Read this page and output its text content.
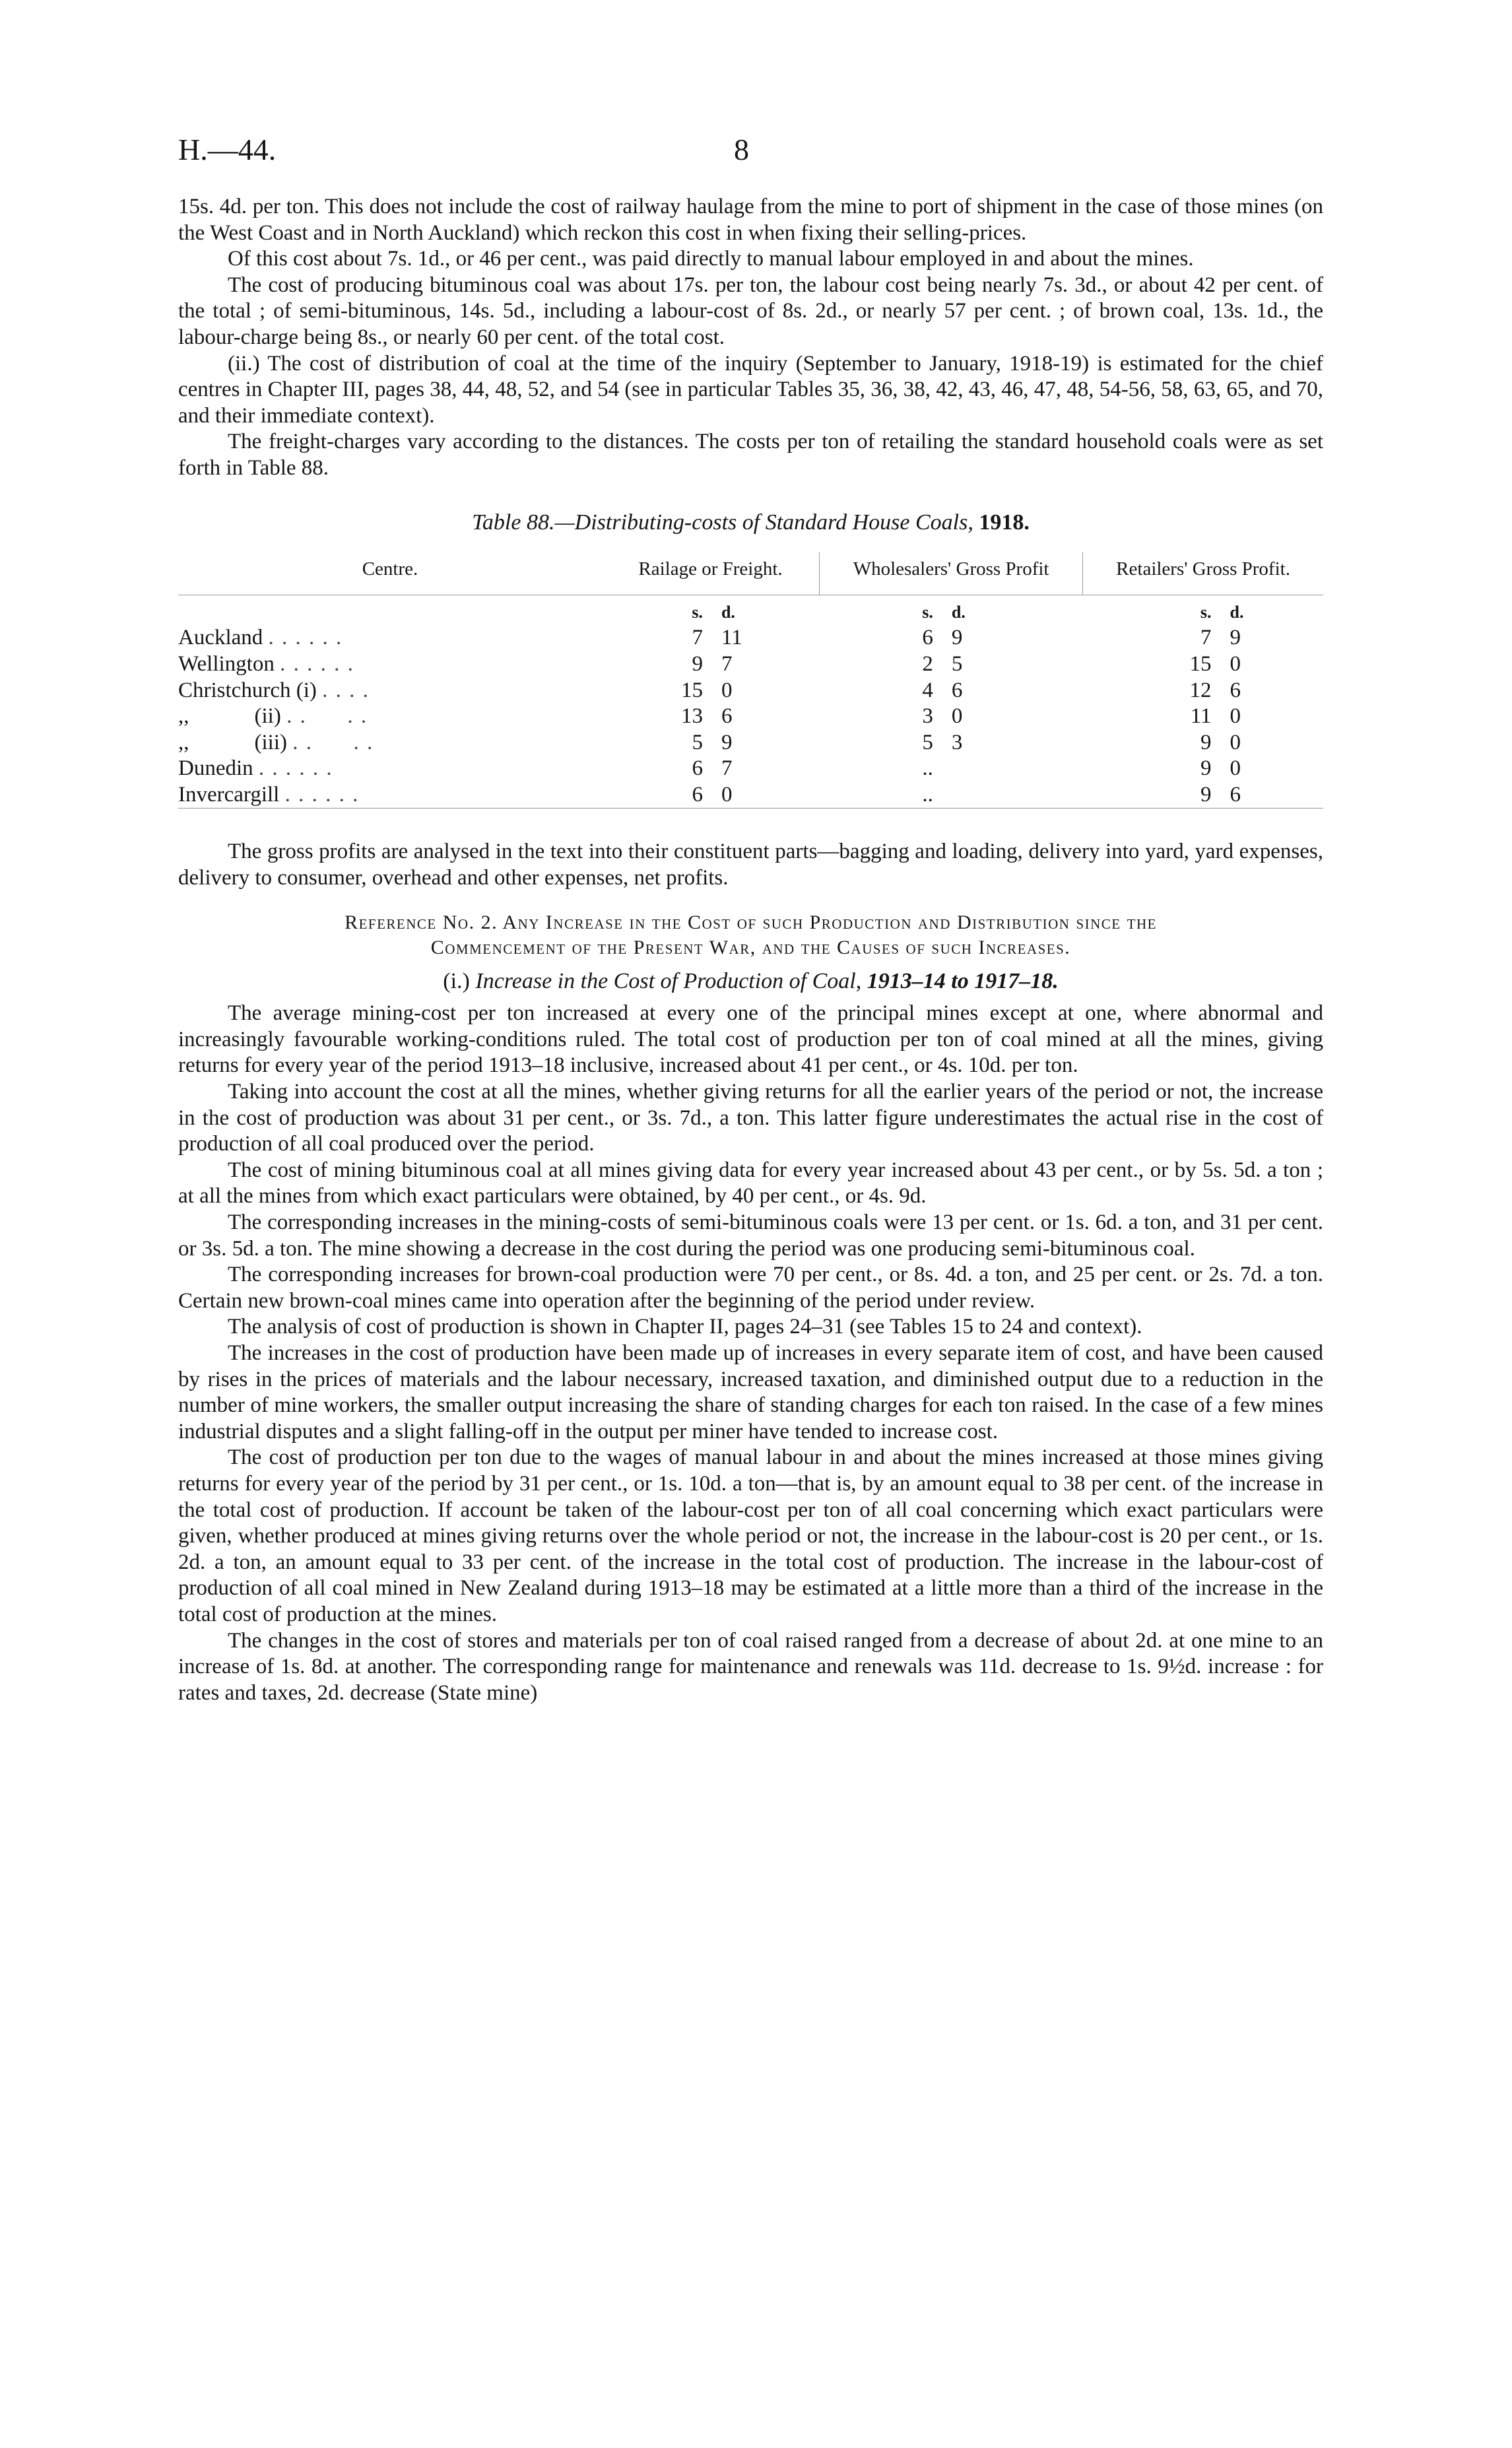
H.—44.	8

15s. 4d. per ton. This does not include the cost of railway haulage from the mine to port of shipment in the case of those mines (on the West Coast and in North Auckland) which reckon this cost in when fixing their selling-prices.

Of this cost about 7s. 1d., or 46 per cent., was paid directly to manual labour employed in and about the mines.

The cost of producing bituminous coal was about 17s. per ton, the labour cost being nearly 7s. 3d., or about 42 per cent. of the total ; of semi-bituminous, 14s. 5d., including a labour-cost of 8s. 2d., or nearly 57 per cent. ; of brown coal, 13s. 1d., the labour-charge being 8s., or nearly 60 per cent. of the total cost.

(ii.) The cost of distribution of coal at the time of the inquiry (September to January, 1918-19) is estimated for the chief centres in Chapter III, pages 38, 44, 48, 52, and 54 (see in particular Tables 35, 36, 38, 42, 43, 46, 47, 48, 54-56, 58, 63, 65, and 70, and their immediate context).

The freight-charges vary according to the distances. The costs per ton of retailing the standard household coals were as set forth in Table 88.

Table 88.—Distributing-costs of Standard House Coals, 1918.
Centre.	Railage or Freight.		Wholesalers' Gross Profit		Retailers' Gross Profit.	
	s.	d.	s.	d.	s.	d.
Auckland . . . . . .	7	11	6	9	7	9
Wellington . . . . . .	9	7	2	5	15	0
Christchurch (i) . . . .	15	0	4	6	12	6
,,            (ii) . .      . .	13	6	3	0	11	0
,,            (iii) . .      . .	5	9	5	3	9	0
Dunedin . . . . . .	6	7	..		9	0
Invercargill . . . . . .	6	0	..		9	6

The gross profits are analysed in the text into their constituent parts—bagging and loading, delivery into yard, yard expenses, delivery to consumer, overhead and other expenses, net profits.

Reference No. 2. Any Increase in the Cost of such Production and Distribution since the
Commencement of the Present War, and the Causes of such Increases.
(i.) Increase in the Cost of Production of Coal, 1913–14 to 1917–18.

The average mining-cost per ton increased at every one of the principal mines except at one, where abnormal and increasingly favourable working-conditions ruled. The total cost of production per ton of coal mined at all the mines, giving returns for every year of the period 1913–18 inclusive, increased about 41 per cent., or 4s. 10d. per ton.

Taking into account the cost at all the mines, whether giving returns for all the earlier years of the period or not, the increase in the cost of production was about 31 per cent., or 3s. 7d., a ton. This latter figure underestimates the actual rise in the cost of production of all coal produced over the period.

The cost of mining bituminous coal at all mines giving data for every year increased about 43 per cent., or by 5s. 5d. a ton ; at all the mines from which exact particulars were obtained, by 40 per cent., or 4s. 9d.

The corresponding increases in the mining-costs of semi-bituminous coals were 13 per cent. or 1s. 6d. a ton, and 31 per cent. or 3s. 5d. a ton. The mine showing a decrease in the cost during the period was one producing semi-bituminous coal.

The corresponding increases for brown-coal production were 70 per cent., or 8s. 4d. a ton, and 25 per cent. or 2s. 7d. a ton. Certain new brown-coal mines came into operation after the beginning of the period under review.

The analysis of cost of production is shown in Chapter II, pages 24–31 (see Tables 15 to 24 and context).

The increases in the cost of production have been made up of increases in every separate item of cost, and have been caused by rises in the prices of materials and the labour necessary, increased taxation, and diminished output due to a reduction in the number of mine workers, the smaller output increasing the share of standing charges for each ton raised. In the case of a few mines industrial disputes and a slight falling-off in the output per miner have tended to increase cost.

The cost of production per ton due to the wages of manual labour in and about the mines increased at those mines giving returns for every year of the period by 31 per cent., or 1s. 10d. a ton—that is, by an amount equal to 38 per cent. of the increase in the total cost of production. If account be taken of the labour-cost per ton of all coal concerning which exact particulars were given, whether produced at mines giving returns over the whole period or not, the increase in the labour-cost is 20 per cent., or 1s. 2d. a ton, an amount equal to 33 per cent. of the increase in the total cost of production. The increase in the labour-cost of production of all coal mined in New Zealand during 1913–18 may be estimated at a little more than a third of the increase in the total cost of production at the mines.

The changes in the cost of stores and materials per ton of coal raised ranged from a decrease of about 2d. at one mine to an increase of 1s. 8d. at another. The corresponding range for maintenance and renewals was 11d. decrease to 1s. 9½d. increase : for rates and taxes, 2d. decrease (State mine)
